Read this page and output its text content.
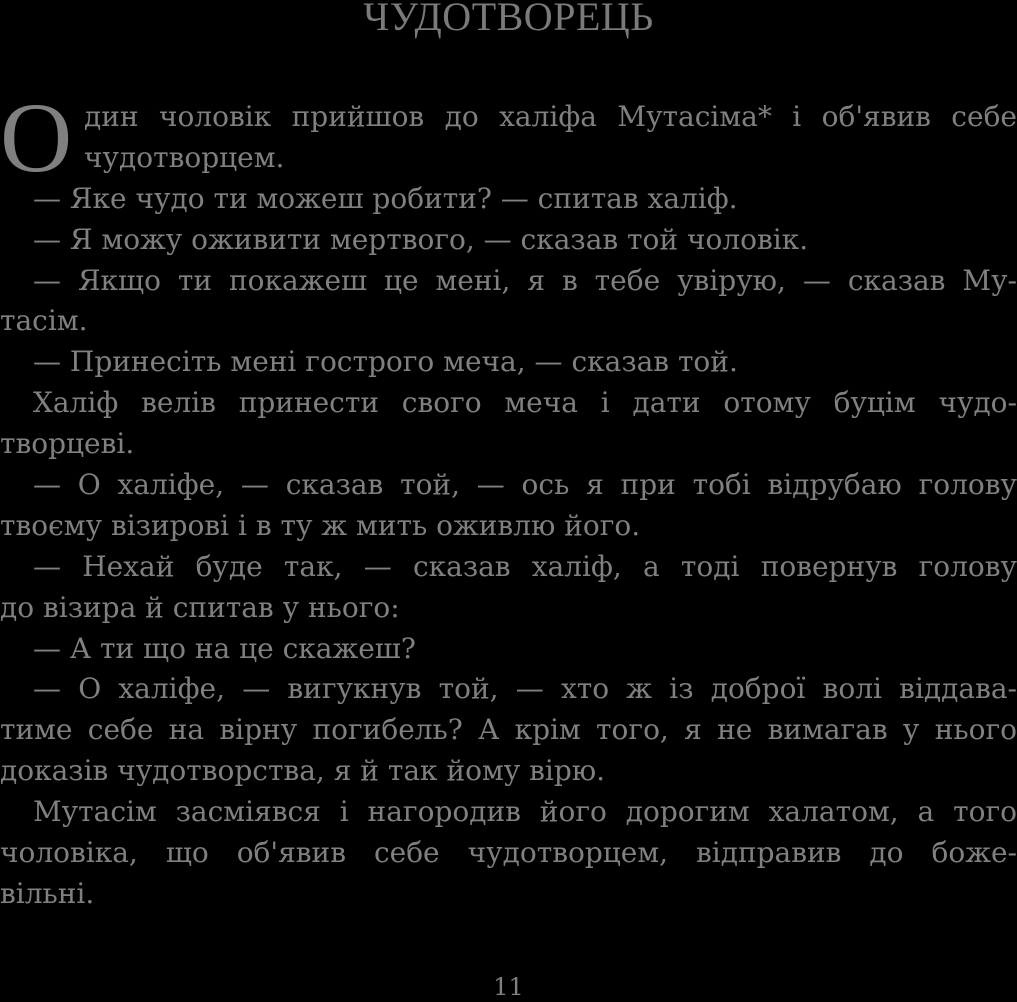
ЧУДОТВОРЕЦЬ
О дин чоловік прийшов до халіфа Мутасіма* і об'явив себе
чудотворцем.
— Яке чудо ти можеш робити? — спитав халіф.
— Я можу оживити мертвого, — сказав той чоловік.
— Якщо ти покажеш це мені, я в тебе увірую, — сказав Му-
тасім.
— Принесіть мені гострого меча, — сказав той.
Халіф велів принести свого меча і дати отому буцім чудо-
творцеві.
— О халіфе, — сказав той, — ось я при тобі відрубаю голову
твоєму візирові і в ту ж мить оживлю його.
— Нехай буде так, — сказав халіф, а тоді повернув голову
до візира й спитав у нього:
— А ти що на це скажеш?
— О халіфе, — вигукнув той, — хто ж із доброї волі віддава-
тиме себе на вірну погибель? А крім того, я не вимагав у нього
доказів чудотворства, я й так йому вірю.
Мутасім засміявся і нагородив його дорогим халатом, а того
чоловіка, що об'явив себе чудотворцем, відправив до боже-
вільні.
11
